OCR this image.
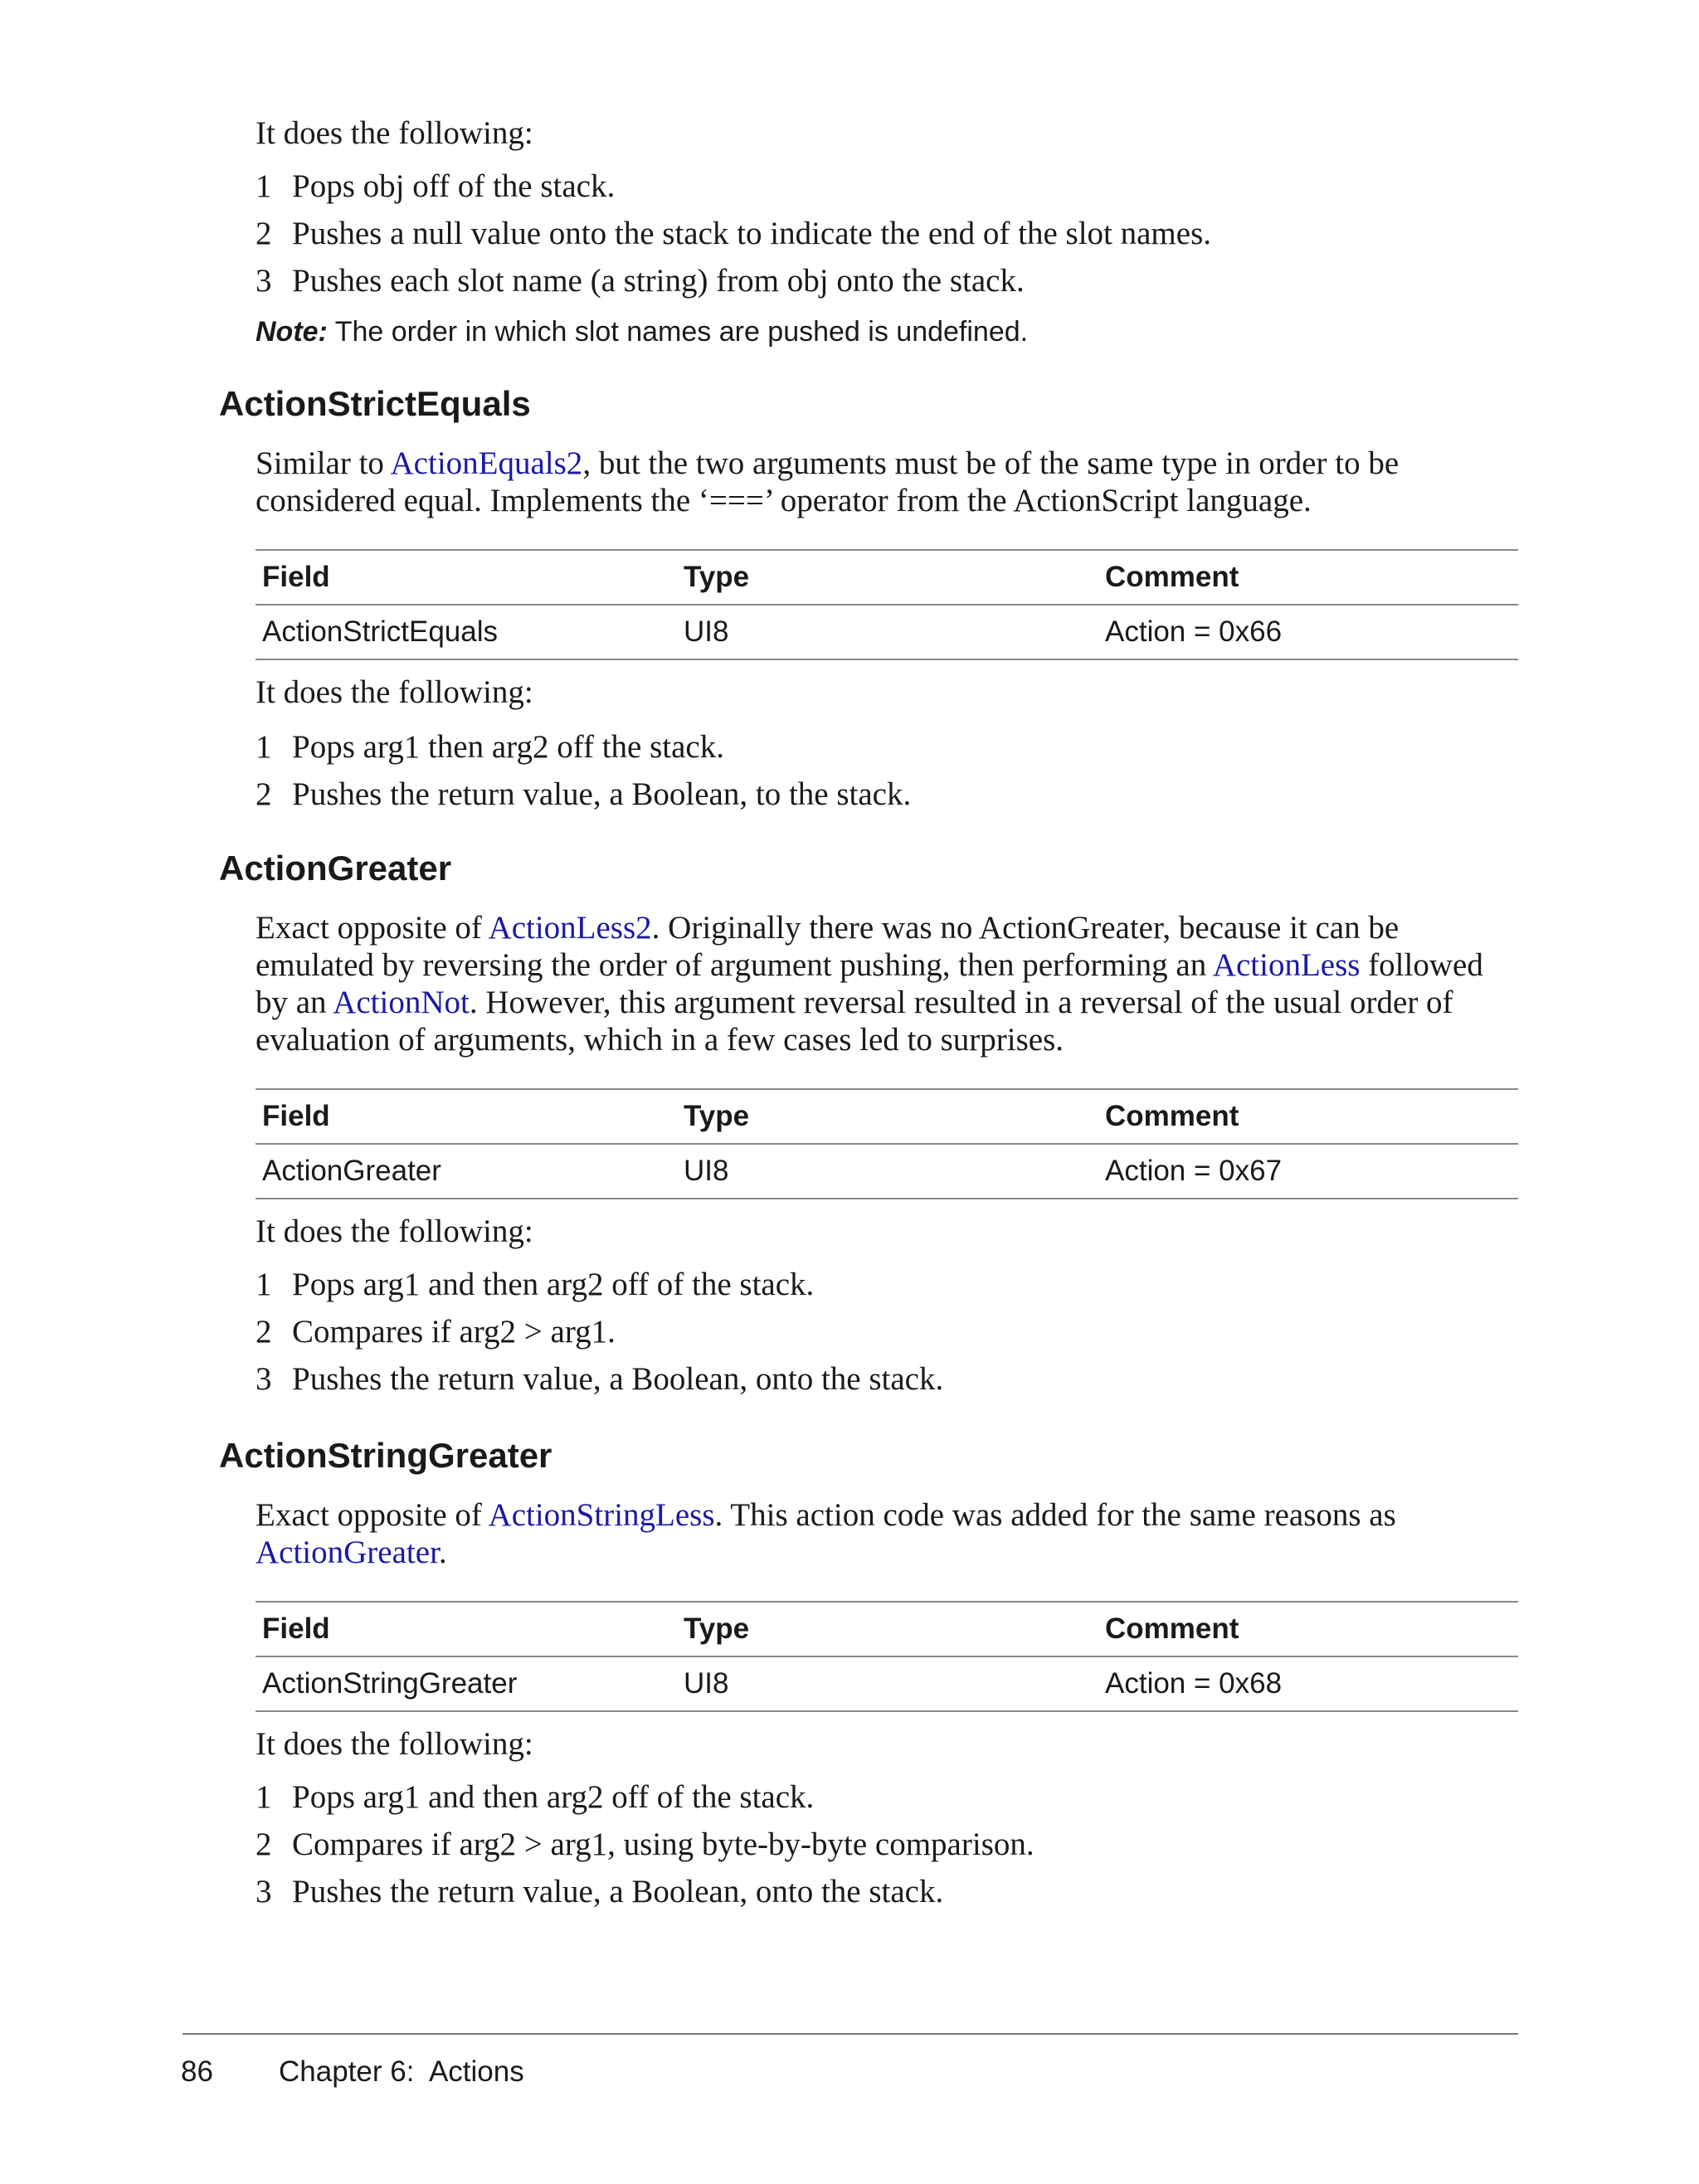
It does the following:

1 Pops obj off of the stack.
2 Pushes a null value onto the stack to indicate the end of the slot names.
3 Pushes each slot name (a string) from obj onto the stack.

Note: The order in which slot names are pushed is undefined.

ActionStrictEquals

Similar to ActionEquals2, but the two arguments must be of the same type in order to be considered equal. Implements the ‘===’ operator from the ActionScript language.

Field	Type	Comment
ActionStrictEquals	UI8	Action = 0x66

It does the following:

1 Pops arg1 then arg2 off the stack.
2 Pushes the return value, a Boolean, to the stack.
ActionGreater

Exact opposite of ActionLess2. Originally there was no ActionGreater, because it can be emulated by reversing the order of argument pushing, then performing an ActionLess followed by an ActionNot. However, this argument reversal resulted in a reversal of the usual order of evaluation of arguments, which in a few cases led to surprises.

Field	Type	Comment
ActionGreater	UI8	Action = 0x67

It does the following:

1 Pops arg1 and then arg2 off of the stack.
2 Compares if arg2 > arg1.
3 Pushes the return value, a Boolean, onto the stack.
ActionStringGreater

Exact opposite of ActionStringLess. This action code was added for the same reasons as ActionGreater.

Field	Type	Comment
ActionStringGreater	UI8	Action = 0x68

It does the following:

1 Pops arg1 and then arg2 off of the stack.
2 Compares if arg2 > arg1, using byte-by-byte comparison.
3 Pushes the return value, a Boolean, onto the stack.
86 Chapter 6:  Actions
